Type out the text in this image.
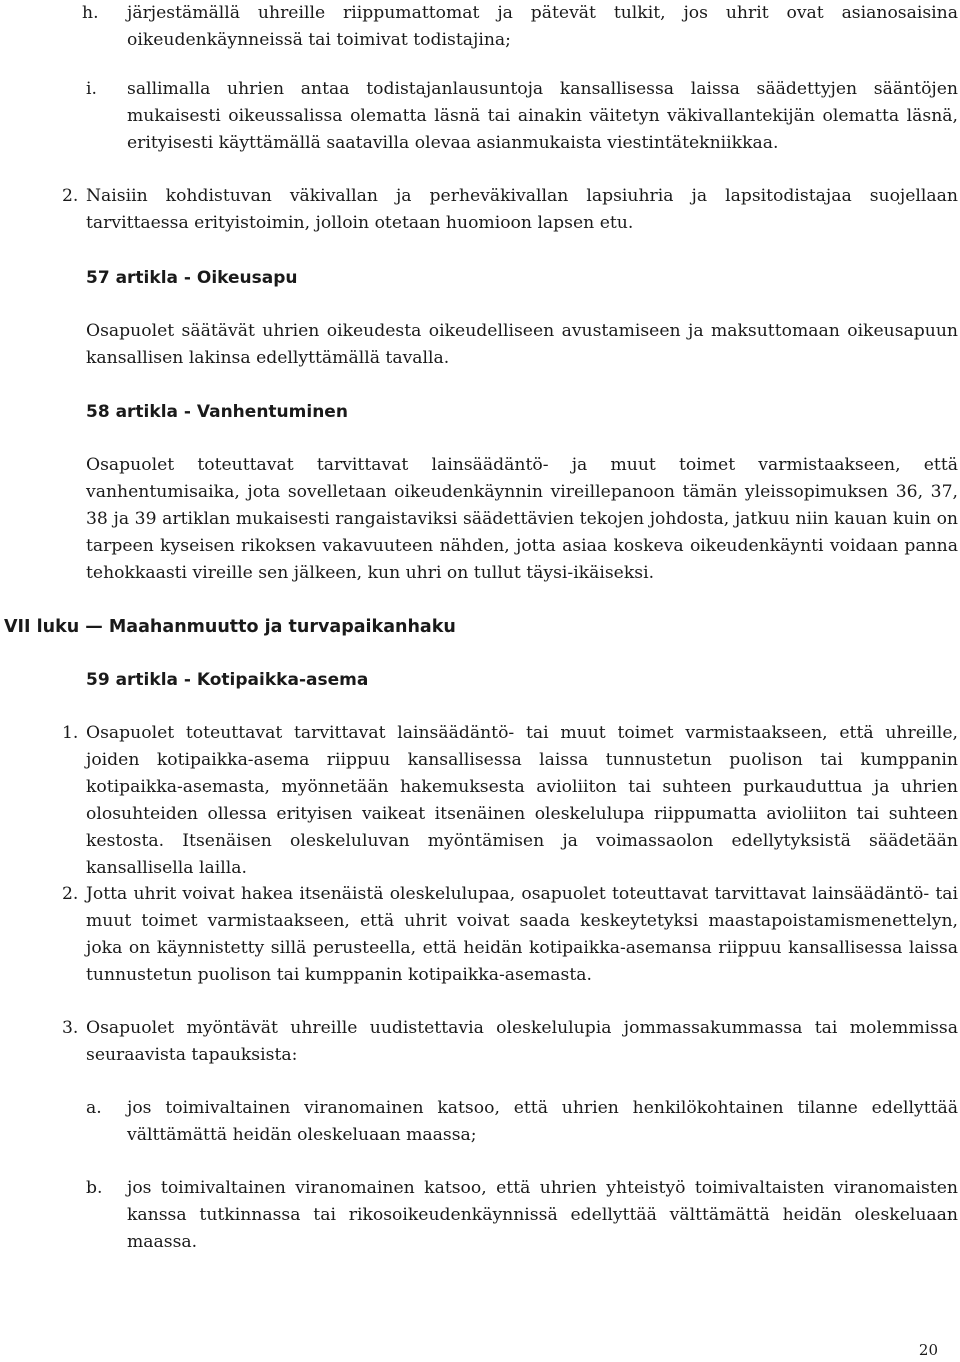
h. järjestämällä uhreille riippumattomat ja pätevät tulkit, jos uhrit ovat asianosaisina oikeudenkäynneissä tai toimivat todistajina;
i. sallimalla uhrien antaa todistajanlausuntoja kansallisessa laissa säädettyjen sääntöjen mukaisesti oikeussalissa olematta läsnä tai ainakin väitetyn väkivallantekijän olematta läsnä, erityisesti käyttämällä saatavilla olevaa asianmukaista viestintätekniikkaa.
2. Naisiin kohdistuvan väkivallan ja perheväkivallan lapsiuhria ja lapsitodistajaa suojellaan tarvittaessa erityistoimin, jolloin otetaan huomioon lapsen etu.
57 artikla - Oikeusapu
Osapuolet säätävät uhrien oikeudesta oikeudelliseen avustamiseen ja maksuttomaan oikeusapuun kansallisen lakinsa edellyttämällä tavalla.
58 artikla - Vanhentuminen
Osapuolet toteuttavat tarvittavat lainsäädäntö- ja muut toimet varmistaakseen, että vanhentumisaika, jota sovelletaan oikeudenkäynnin vireillepanoon tämän yleissopimuksen 36, 37, 38 ja 39 artiklan mukaisesti rangaistaviksi säädettävien tekojen johdosta, jatkuu niin kauan kuin on tarpeen kyseisen rikoksen vakavuuteen nähden, jotta asiaa koskeva oikeudenkäynti voidaan panna tehokkaasti vireille sen jälkeen, kun uhri on tullut täysi-ikäiseksi.
VII luku — Maahanmuutto ja turvapaikanhaku
59 artikla - Kotipaikka-asema
1. Osapuolet toteuttavat tarvittavat lainsäädäntö- tai muut toimet varmistaakseen, että uhreille, joiden kotipaikka-asema riippuu kansallisessa laissa tunnustetun puolison tai kumppanin kotipaikka-asemasta, myönnetään hakemuksesta avioliiton tai suhteen purkauduttua ja uhrien olosuhteiden ollessa erityisen vaikeat itsenäinen oleskelulupa riippumatta avioliiton tai suhteen kestosta. Itsenäisen oleskeluluvan myöntämisen ja voimassaolon edellytyksistä säädetään kansallisella lailla.
2. Jotta uhrit voivat hakea itsenäistä oleskelulupaa, osapuolet toteuttavat tarvittavat lainsäädäntö- tai muut toimet varmistaakseen, että uhrit voivat saada keskeytetyksi maastapoistamismenettelyn, joka on käynnistetty sillä perusteella, että heidän kotipaikka-asemansa riippuu kansallisessa laissa tunnustetun puolison tai kumppanin kotipaikka-asemasta.
3. Osapuolet myöntävät uhreille uudistettavia oleskelulupia jommassakummassa tai molemmissa seuraavista tapauksista:
a. jos toimivaltainen viranomainen katsoo, että uhrien henkilökohtainen tilanne edellyttää välttämättä heidän oleskeluaan maassa;
b. jos toimivaltainen viranomainen katsoo, että uhrien yhteistyö toimivaltaisten viranomaisten kanssa tutkinnassa tai rikosoikeudenkäynnissä edellyttää välttämättä heidän oleskeluaan maassa.
20
